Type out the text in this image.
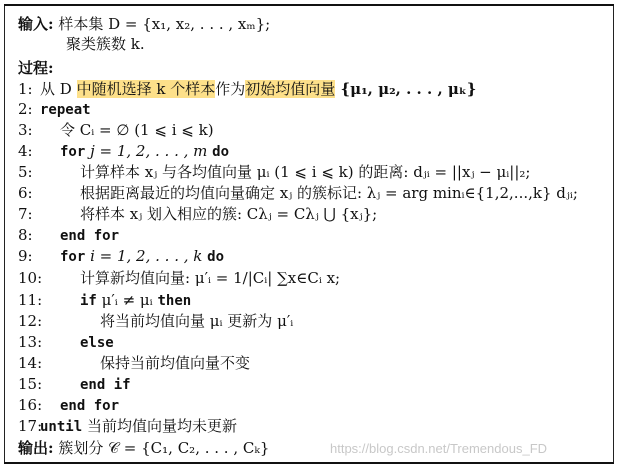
输入: 样本集 D = {x₁, x₂, . . . , xₘ};
聚类簇数 k.
过程:
1: 从 D 中随机选择 k 个样本作为初始均值向量 {μ₁, μ₂, . . . , μₖ}
2: repeat
3: 令 Cᵢ = ∅ (1 ⩽ i ⩽ k)
4: for j = 1, 2, . . . , m do
5:	计算样本 xⱼ 与各均值向量 μᵢ (1 ⩽ i ⩽ k) 的距离: dⱼᵢ = ||xⱼ − μᵢ||₂;
6:	根据距离最近的均值向量确定 xⱼ 的簇标记: λⱼ = arg minᵢ∈{1,2,...,k} dⱼᵢ;
7:	将样本 xⱼ 划入相应的簇: Cλⱼ = Cλⱼ ⋃ {xⱼ};
8: end for
9: for i = 1, 2, . . . , k do
10:	计算新均值向量: μ′ᵢ = 1/|Cᵢ| ∑x∈Cᵢ x;
11:	if μ′ᵢ ≠ μᵢ then
12:	将当前均值向量 μᵢ 更新为 μ′ᵢ
13:	else
14:	保持当前均值向量不变
15:	end if
16: end for
17:until 当前均值向量均未更新
输出: 簇划分 𝒞 = {C₁, C₂, . . . , Cₖ}	https://blog.csdn.net/Tremendous_FD
